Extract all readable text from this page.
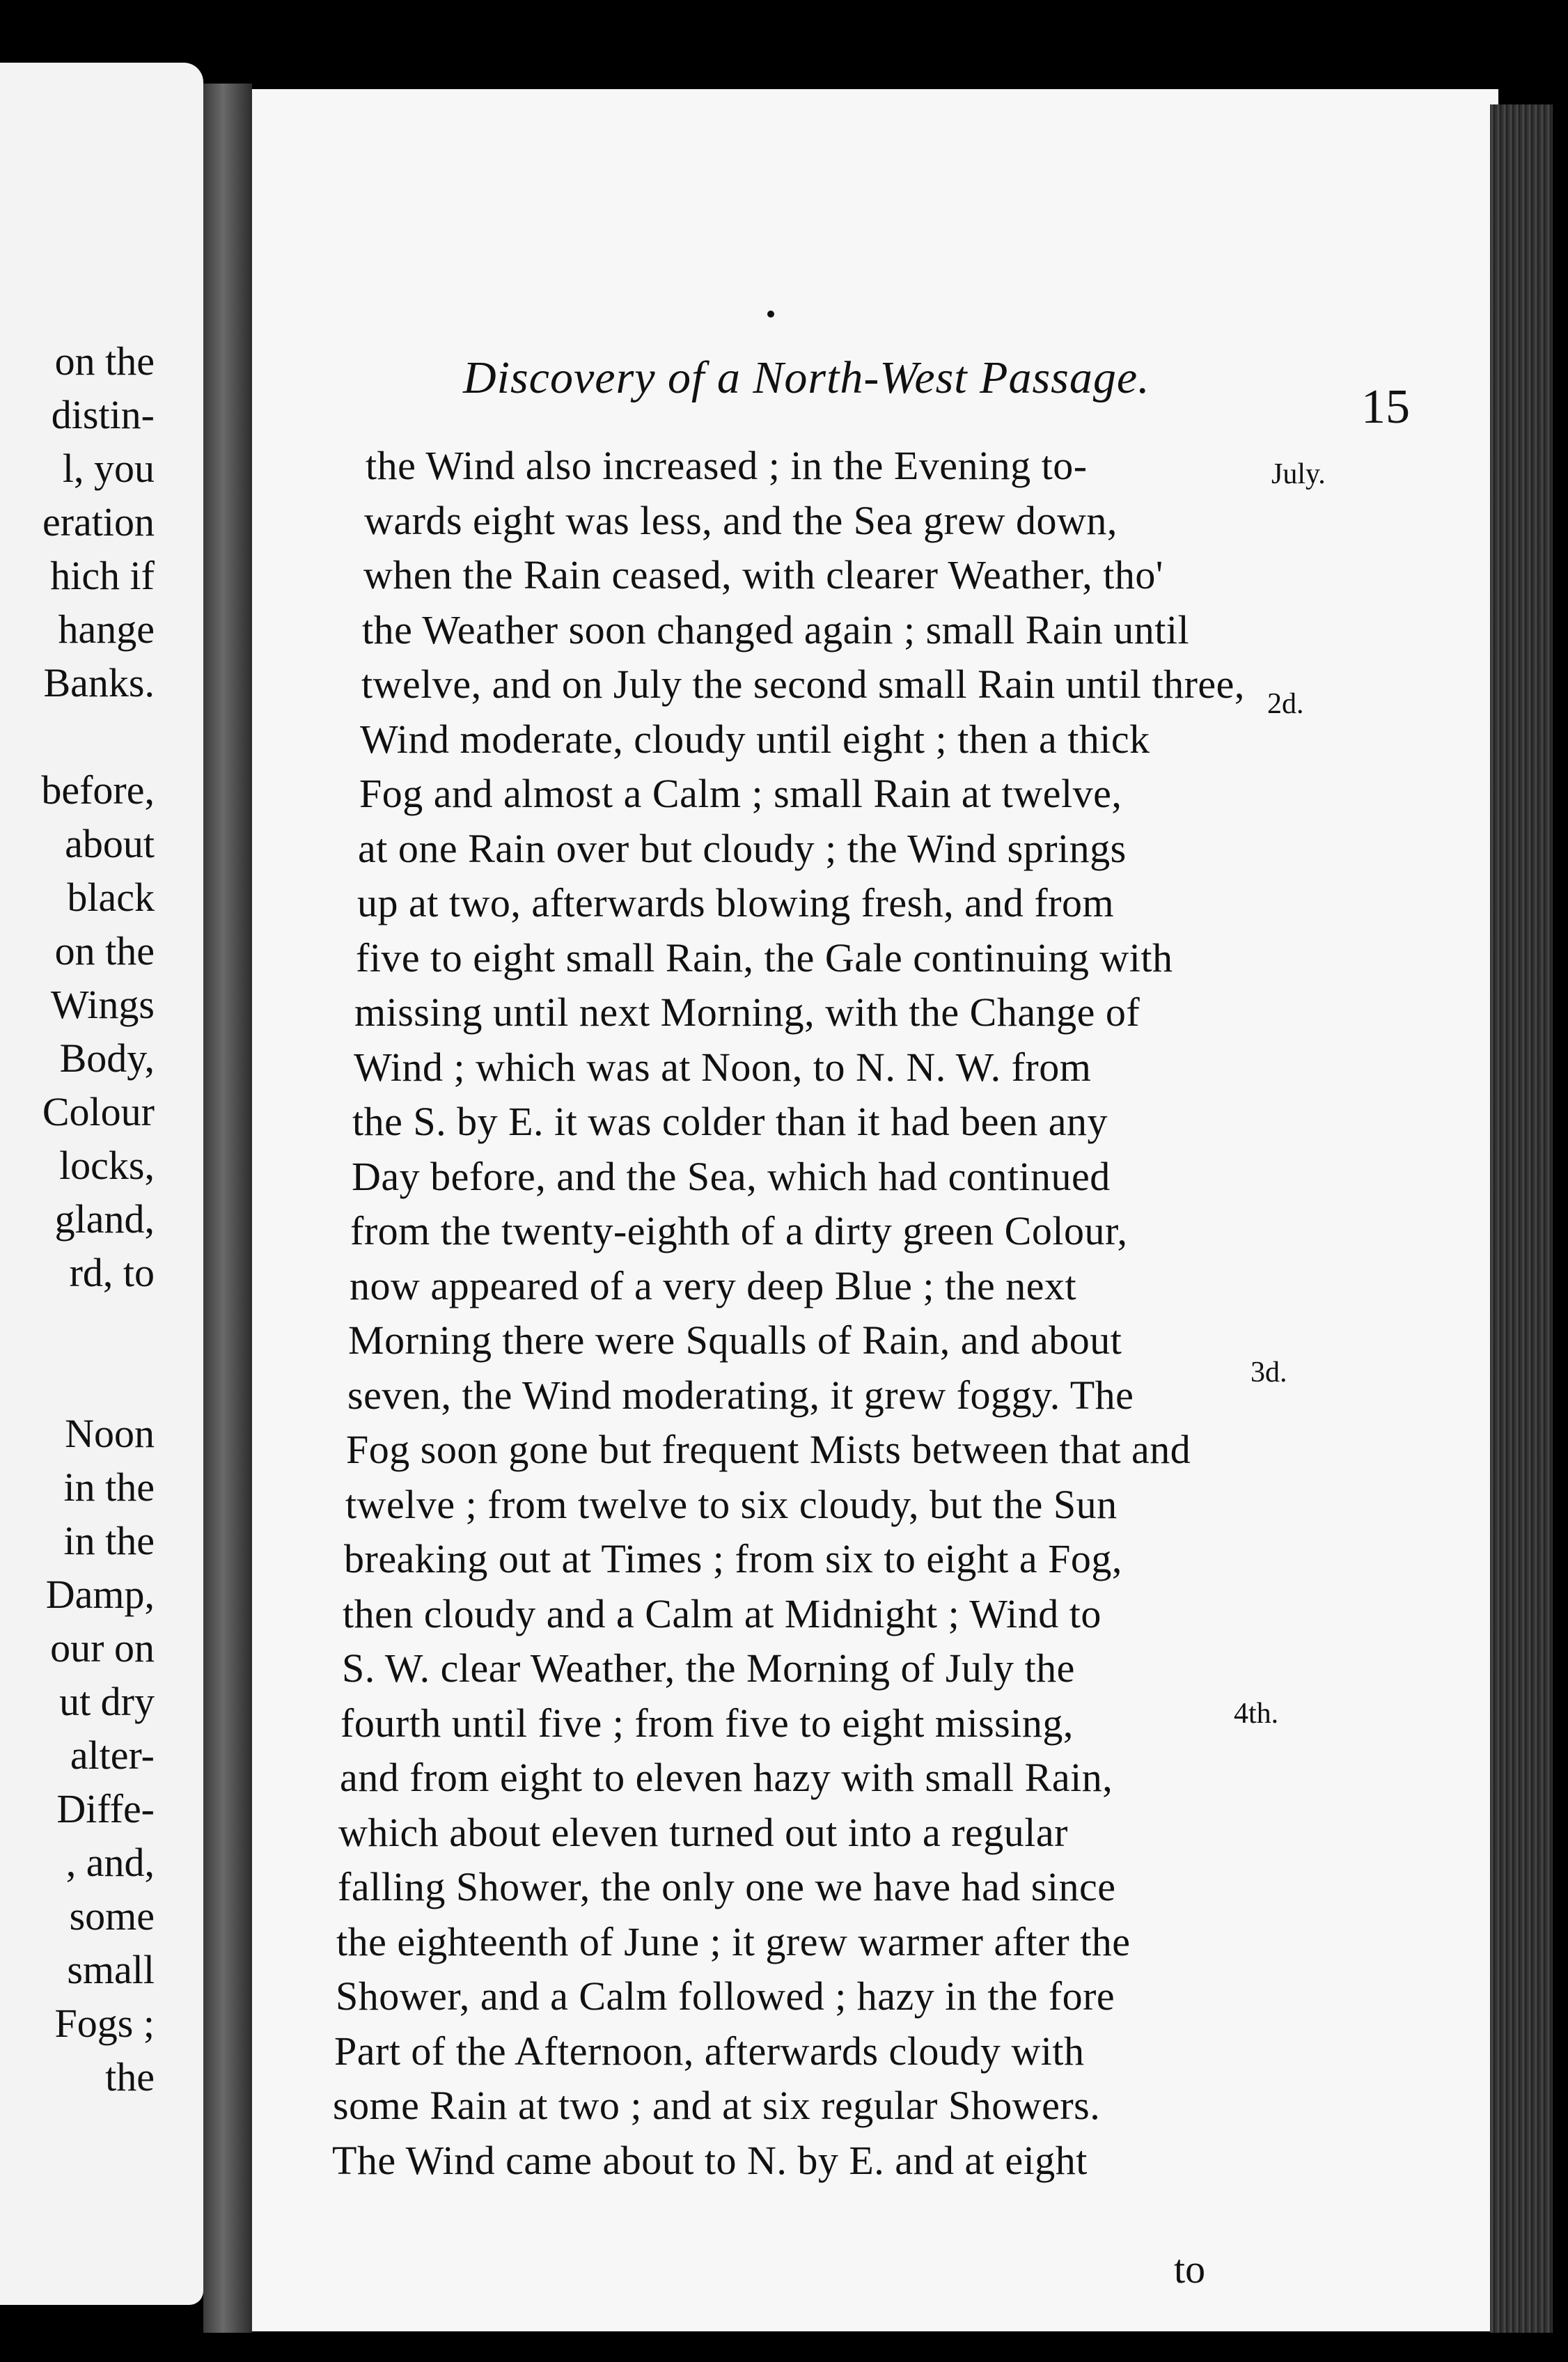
on the
distin-
l, you
eration
hich if
hange
Banks.
before,
about
black
on the
Wings
Body,
Colour
locks,
gland,
rd, to
Noon
in the
in the
Damp,
our on
ut dry
alter-
Diffe-
, and,
some
small
Fogs ;
the
Discovery of a North-West Passage.
15
the Wind also increased ; in the Evening to-
wards eight was less, and the Sea grew down,
when the Rain ceased, with clearer Weather, tho'
the Weather soon changed again ; small Rain until
twelve, and on July the second small Rain until three,
Wind moderate, cloudy until eight ; then a thick
Fog and almost a Calm ; small Rain at twelve,
at one Rain over but cloudy ; the Wind springs
up at two, afterwards blowing fresh, and from
five to eight small Rain, the Gale continuing with
missing until next Morning, with the Change of
Wind ; which was at Noon, to N. N. W. from
the S. by E. it was colder than it had been any
Day before, and the Sea, which had continued
from the twenty-eighth of a dirty green Colour,
now appeared of a very deep Blue ; the next
Morning there were Squalls of Rain, and about
seven, the Wind moderating, it grew foggy. The
Fog soon gone but frequent Mists between that and
twelve ; from twelve to six cloudy, but the Sun
breaking out at Times ; from six to eight a Fog,
then cloudy and a Calm at Midnight ; Wind to
S. W. clear Weather, the Morning of July the
fourth until five ; from five to eight missing,
and from eight to eleven hazy with small Rain,
which about eleven turned out into a regular
falling Shower, the only one we have had since
the eighteenth of June ; it grew warmer after the
Shower, and a Calm followed ; hazy in the fore
Part of the Afternoon, afterwards cloudy with
some Rain at two ; and at six regular Showers.
The Wind came about to N. by E. and at eight
July.
2d.
3d.
4th.
to
